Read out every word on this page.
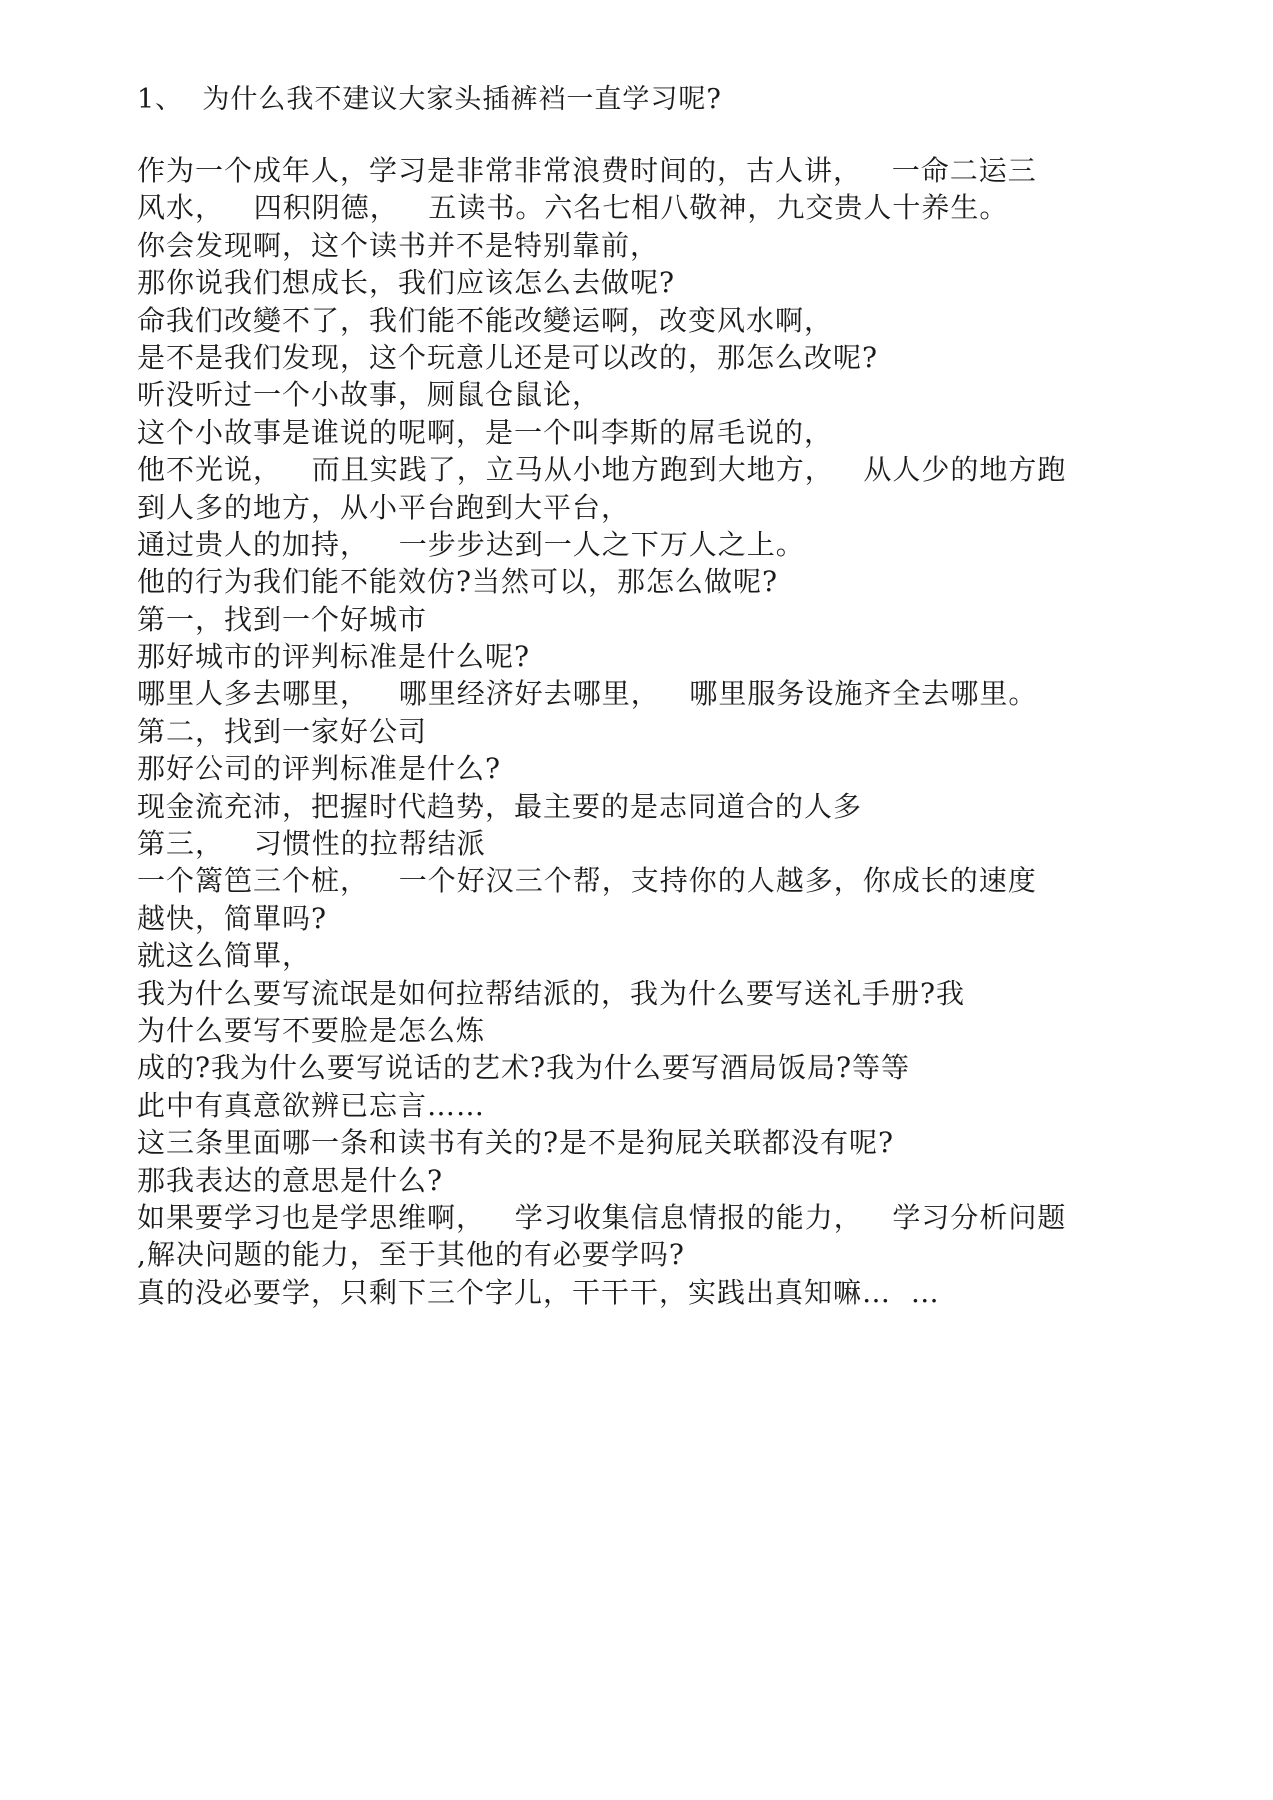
1、  为什么我不建议大家头插裤裆一直学习呢?
作为一个成年人，学习是非常非常浪费时间的，古人讲，   一命二运三
风水，   四积阴德，   五读书。六名七相八敬神，九交贵人十养生。
你会发现啊，这个读书并不是特别靠前，
那你说我们想成长，我们应该怎么去做呢?
命我们改變不了，我们能不能改變运啊，改变风水啊，
是不是我们发现，这个玩意儿还是可以改的，那怎么改呢?
听没听过一个小故事，厕鼠仓鼠论，
这个小故事是谁说的呢啊，是一个叫李斯的屌毛说的，
他不光说，   而且实践了，立马从小地方跑到大地方，   从人少的地方跑
到人多的地方，从小平台跑到大平台，
通过贵人的加持，   一步步达到一人之下万人之上。
他的行为我们能不能效仿?当然可以，那怎么做呢?
第一，找到一个好城市
那好城市的评判标准是什么呢?
哪里人多去哪里，   哪里经济好去哪里，   哪里服务设施齐全去哪里。
第二，找到一家好公司
那好公司的评判标准是什么?
现金流充沛，把握时代趋势，最主要的是志同道合的人多
第三，   习惯性的拉帮结派
一个篱笆三个桩，   一个好汉三个帮，支持你的人越多，你成长的速度
越快，简單吗?
就这么简單，
我为什么要写流氓是如何拉帮结派的，我为什么要写送礼手册?我
为什么要写不要脸是怎么炼
成的?我为什么要写说话的艺术?我为什么要写酒局饭局?等等
此中有真意欲辨已忘言……
这三条里面哪一条和读书有关的?是不是狗屁关联都没有呢?
那我表达的意思是什么?
如果要学习也是学思维啊，   学习收集信息情报的能力，   学习分析问题
,解决问题的能力，至于其他的有必要学吗?
真的没必要学，只剩下三个字儿，干干干，实践出真知嘛…  …
